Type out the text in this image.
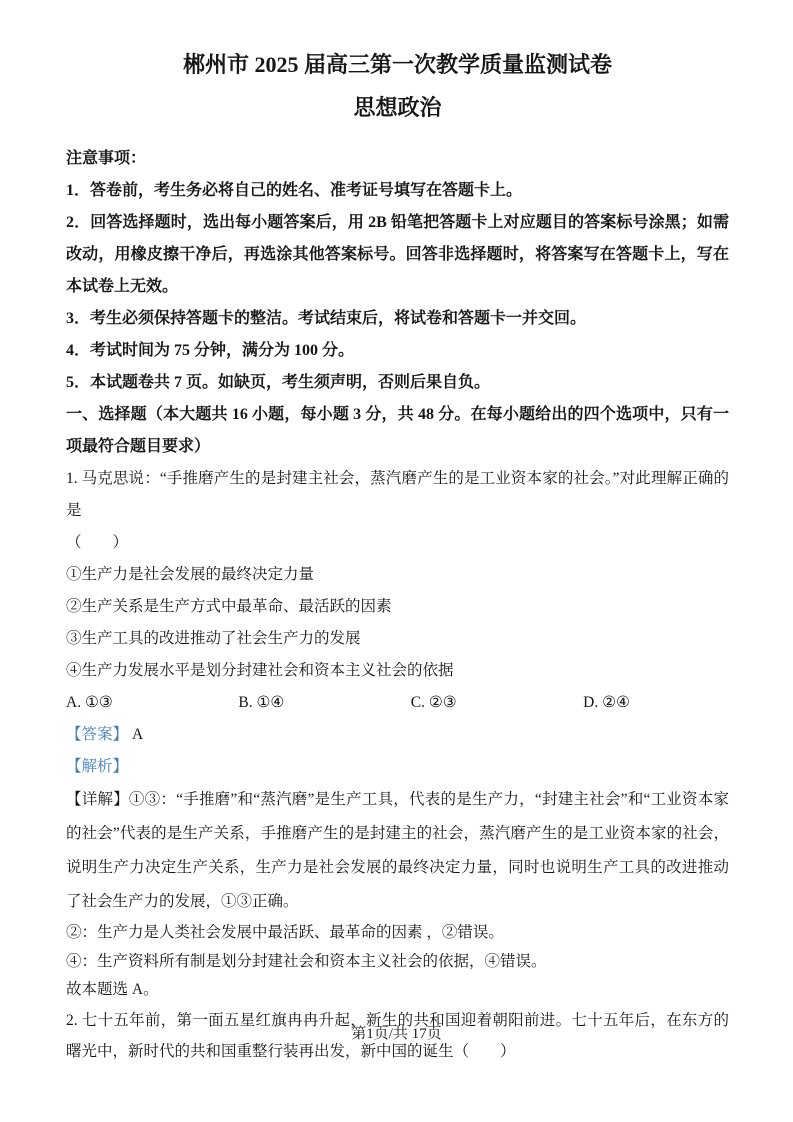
郴州市 2025 届高三第一次教学质量监测试卷

思想政治

注意事项：

1．答卷前，考生务必将自己的姓名、准考证号填写在答题卡上。

2．回答选择题时，选出每小题答案后，用 2B 铅笔把答题卡上对应题目的答案标号涂黑；如需改动，用橡皮擦干净后，再选涂其他答案标号。回答非选择题时，将答案写在答题卡上，写在本试卷上无效。

3．考生必须保持答题卡的整洁。考试结束后，将试卷和答题卡一并交回。

4．考试时间为 75 分钟，满分为 100 分。

5．本试题卷共 7 页。如缺页，考生须声明，否则后果自负。

一、选择题（本大题共 16 小题，每小题 3 分，共 48 分。在每小题给出的四个选项中，只有一项最符合题目要求）

1. 马克思说：“手推磨产生的是封建主社会，蒸汽磨产生的是工业资本家的社会。”对此理解正确的是

（　　）

①生产力是社会发展的最终决定力量

②生产关系是生产方式中最革命、最活跃的因素

③生产工具的改进推动了社会生产力的发展

④生产力发展水平是划分封建社会和资本主义社会的依据

A. ①③	B. ①④	C. ②③	D. ②④

【答案】 A

【解析】

【详解】①③：“手推磨”和“蒸汽磨”是生产工具，代表的是生产力，“封建主社会”和“工业资本家的社会”代表的是生产关系，手推磨产生的是封建主的社会，蒸汽磨产生的是工业资本家的社会，说明生产力决定生产关系，生产力是社会发展的最终决定力量，同时也说明生产工具的改进推动了社会生产力的发展，①③正确。

②：生产力是人类社会发展中最活跃、最革命的因素 ，②错误。

④：生产资料所有制是划分封建社会和资本主义社会的依据，④错误。

故本题选 A。

2. 七十五年前，第一面五星红旗冉冉升起，新生的共和国迎着朝阳前进。七十五年后，在东方的曙光中，新时代的共和国重整行装再出发，新中国的诞生（　　）

第1页/共 17页
